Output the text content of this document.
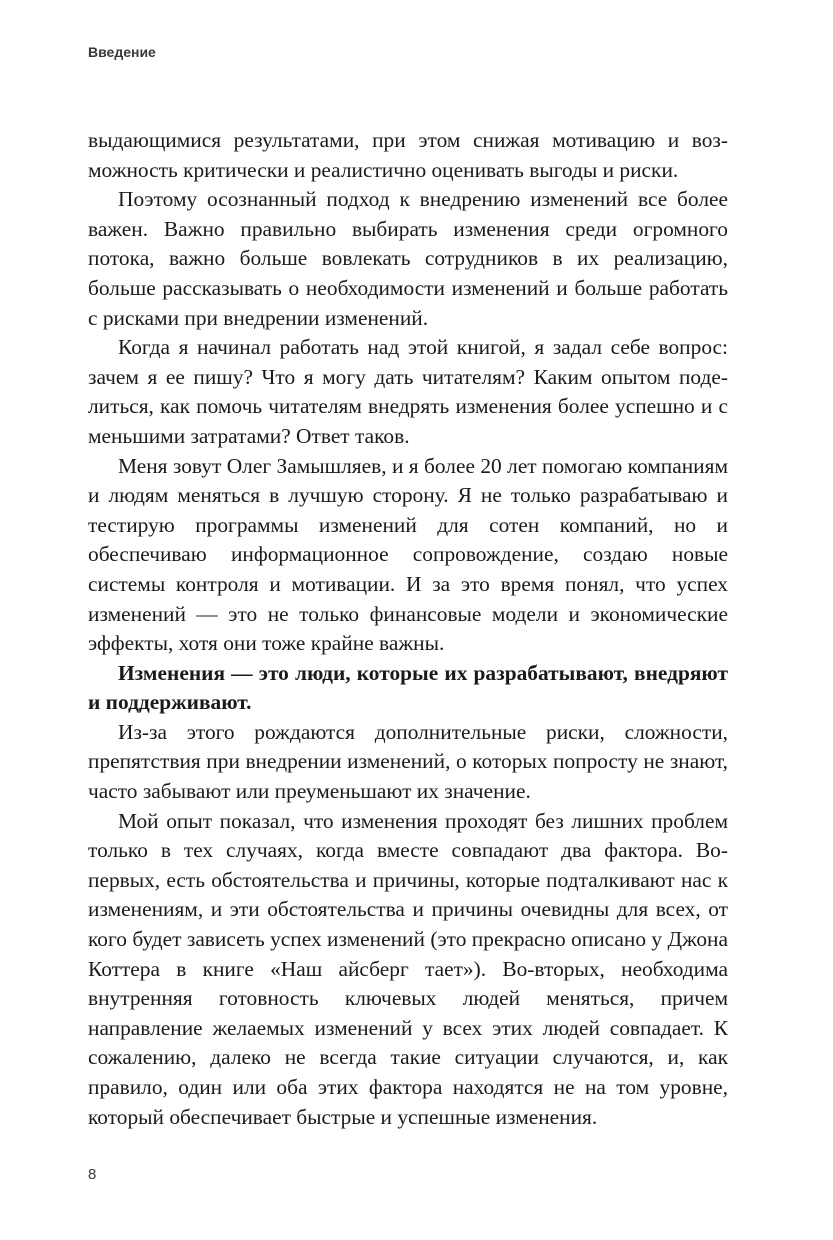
Введение

выдающимися результатами, при этом снижая мотивацию и возможность критически и реалистично оценивать выгоды и риски.

Поэтому осознанный подход к внедрению изменений все более важен. Важно правильно выбирать изменения среди огромного потока, важно больше вовлекать сотрудников в их реализацию, больше рассказывать о необходимости изменений и больше работать с рисками при внедрении изменений.

Когда я начинал работать над этой книгой, я задал себе вопрос: зачем я ее пишу? Что я могу дать читателям? Каким опытом поделиться, как помочь читателям внедрять изменения более успешно и с меньшими затратами? Ответ таков.

Меня зовут Олег Замышляев, и я более 20 лет помогаю компаниям и людям меняться в лучшую сторону. Я не только разрабатываю и тестирую программы изменений для сотен компаний, но и обеспечиваю информационное сопровождение, создаю новые системы контроля и мотивации. И за это время понял, что успех изменений — это не только финансовые модели и экономические эффекты, хотя они тоже крайне важны.

Изменения — это люди, которые их разрабатывают, внедряют и поддерживают.

Из-за этого рождаются дополнительные риски, сложности, препятствия при внедрении изменений, о которых попросту не знают, часто забывают или преуменьшают их значение.

Мой опыт показал, что изменения проходят без лишних проблем только в тех случаях, когда вместе совпадают два фактора. Во-первых, есть обстоятельства и причины, которые подталкивают нас к изменениям, и эти обстоятельства и причины очевидны для всех, от кого будет зависеть успех изменений (это прекрасно описано у Джона Коттера в книге «Наш айсберг тает»). Во-вторых, необходима внутренняя готовность ключевых людей меняться, причем направление желаемых изменений у всех этих людей совпадает. К сожалению, далеко не всегда такие ситуации случаются, и, как правило, один или оба этих фактора находятся не на том уровне, который обеспечивает быстрые и успешные изменения.

8
